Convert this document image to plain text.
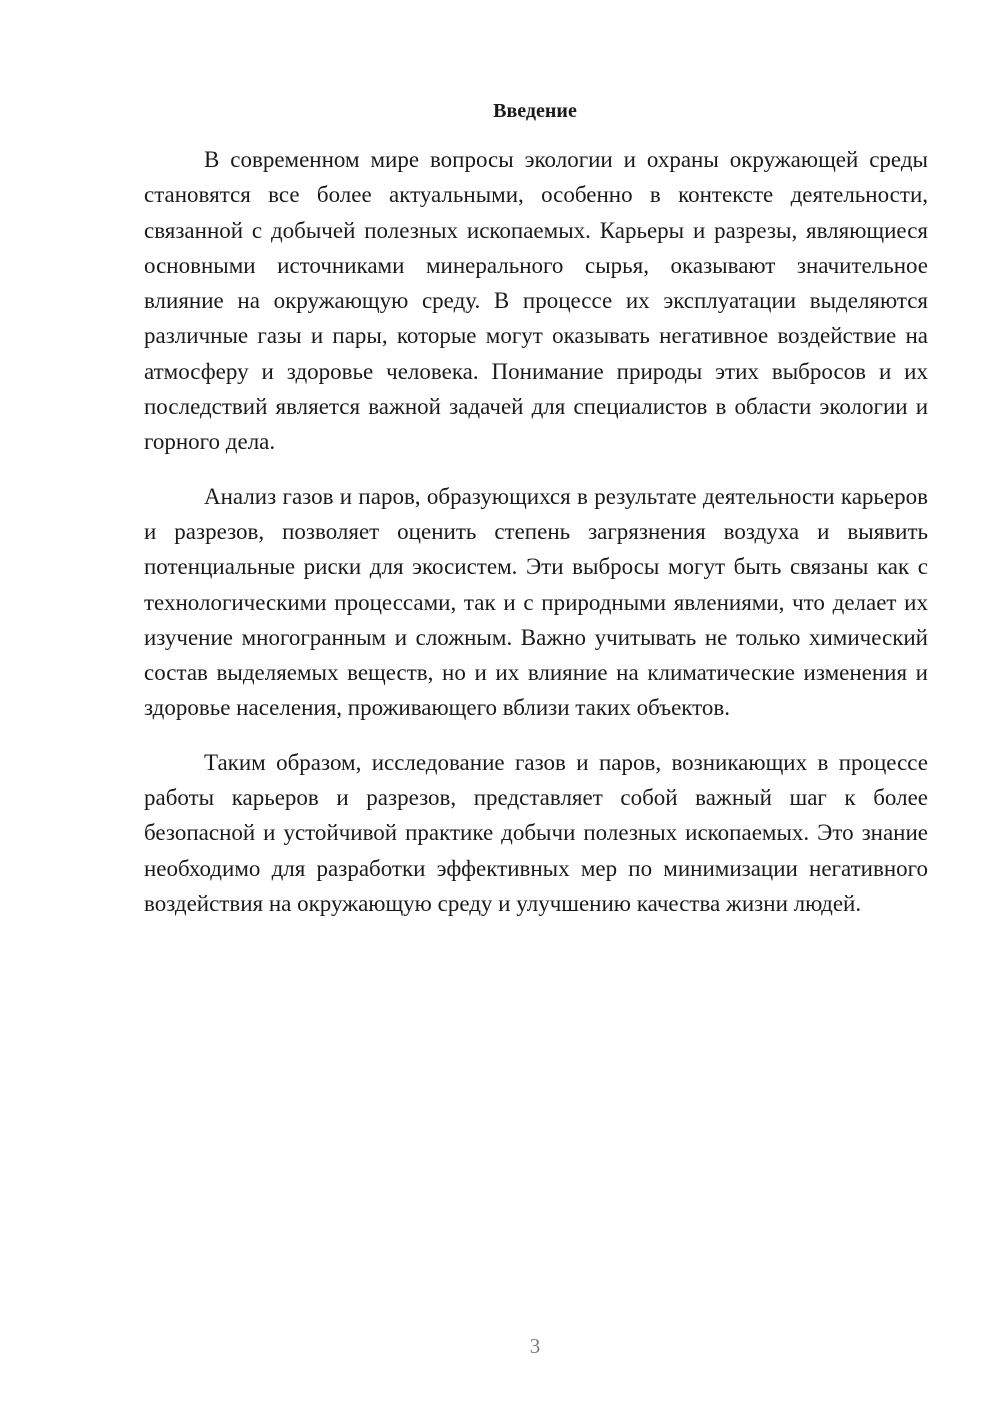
Введение

В современном мире вопросы экологии и охраны окружающей среды становятся все более актуальными, особенно в контексте деятельности, связанной с добычей полезных ископаемых. Карьеры и разрезы, являющиеся основными источниками минерального сырья, оказывают значительное влияние на окружающую среду. В процессе их эксплуатации выделяются различные газы и пары, которые могут оказывать негативное воздействие на атмосферу и здоровье человека. Понимание природы этих выбросов и их последствий является важной задачей для специалистов в области экологии и горного дела.

Анализ газов и паров, образующихся в результате деятельности карьеров и разрезов, позволяет оценить степень загрязнения воздуха и выявить потенциальные риски для экосистем. Эти выбросы могут быть связаны как с технологическими процессами, так и с природными явлениями, что делает их изучение многогранным и сложным. Важно учитывать не только химический состав выделяемых веществ, но и их влияние на климатические изменения и здоровье населения, проживающего вблизи таких объектов.

Таким образом, исследование газов и паров, возникающих в процессе работы карьеров и разрезов, представляет собой важный шаг к более безопасной и устойчивой практике добычи полезных ископаемых. Это знание необходимо для разработки эффективных мер по минимизации негативного воздействия на окружающую среду и улучшению качества жизни людей.

3
